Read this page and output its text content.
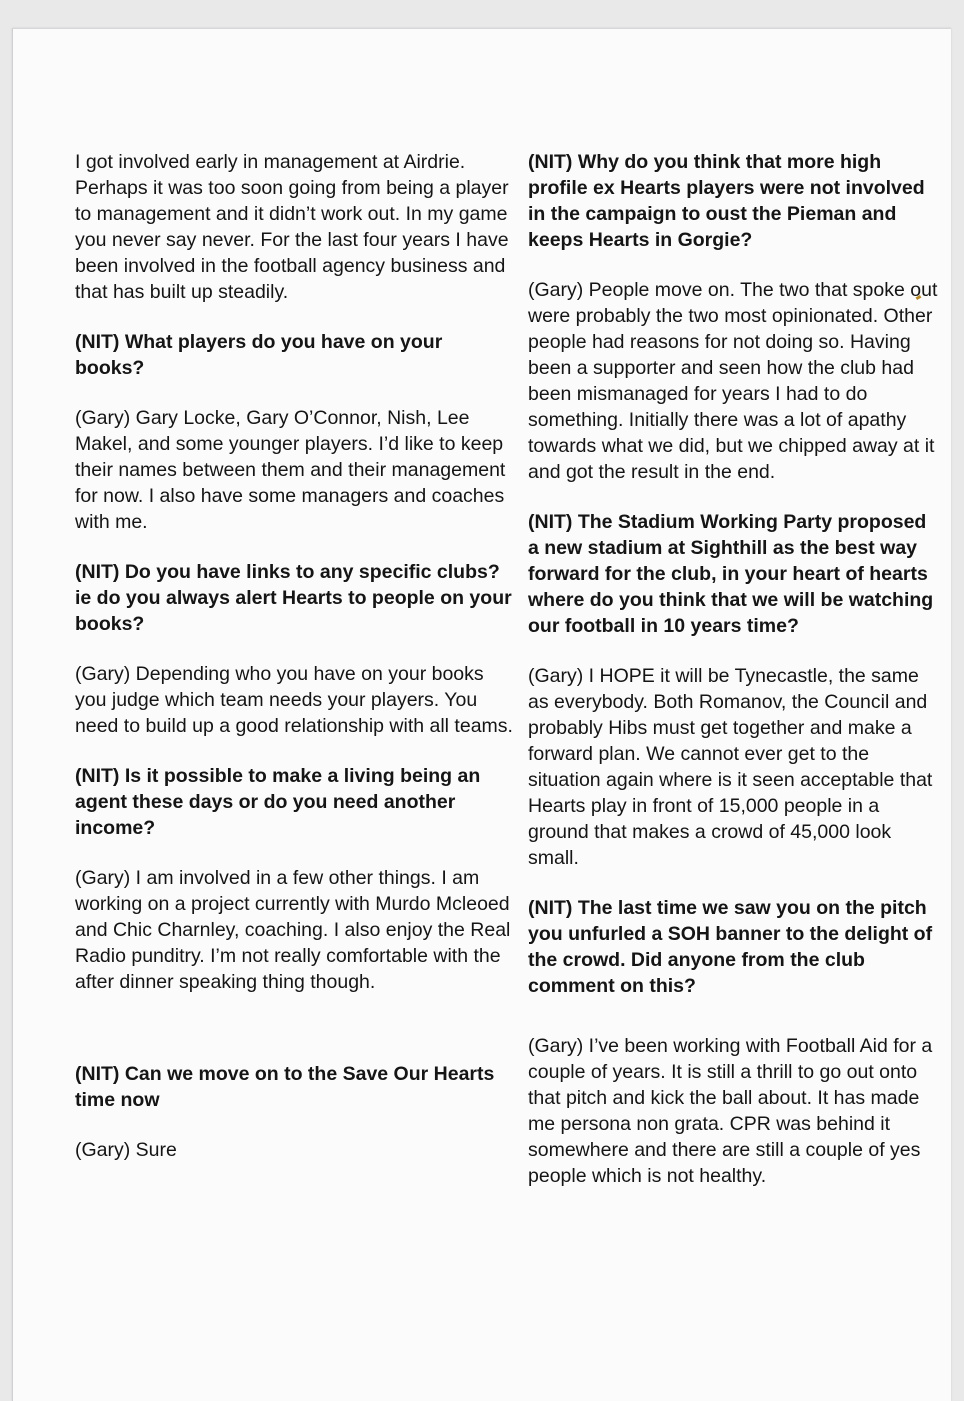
I got involved early in management at Airdrie. Perhaps it was too soon going from being a player to management and it didn’t work out. In my game you never say never. For the last four years I have been involved in the football agency business and that has built up steadily.

(NIT) What players do you have on your books?

(Gary) Gary Locke, Gary O’Connor, Nish, Lee Makel, and some younger players. I’d like to keep their names between them and their management for now. I also have some managers and coaches with me.

(NIT) Do you have links to any specific clubs? ie do you always alert Hearts to people on your books?

(Gary) Depending who you have on your books you judge which team needs your players. You need to build up a good relationship with all teams.

(NIT) Is it possible to make a living being an agent these days or do you need another income?

(Gary) I am involved in a few other things. I am working on a project currently with Murdo Mcleoed and Chic Charnley, coaching. I also enjoy the Real Radio punditry. I’m not really comfortable with the after dinner speaking thing though.

(NIT) Can we move on to the Save Our Hearts time now

(Gary) Sure

(NIT) Why do you think that more high profile ex Hearts players were not involved in the campaign to oust the Pieman and keeps Hearts in Gorgie?

(Gary) People move on. The two that spoke out were probably the two most opinionated. Other people had reasons for not doing so. Having been a supporter and seen how the club had been mismanaged for years I had to do something. Initially there was a lot of apathy towards what we did, but we chipped away at it and got the result in the end.

(NIT) The Stadium Working Party proposed a new stadium at Sighthill as the best way forward for the club, in your heart of hearts where do you think that we will be watching our football in 10 years time?

(Gary) I HOPE it will be Tynecastle, the same as everybody. Both Romanov, the Council and probably Hibs must get together and make a forward plan. We cannot ever get to the situation again where is it seen acceptable that Hearts play in front of 15,000 people in a ground that makes a crowd of 45,000 look small.

(NIT) The last time we saw you on the pitch you unfurled a SOH banner to the delight of the crowd. Did anyone from the club comment on this?

(Gary) I’ve been working with Football Aid for a couple of years. It is still a thrill to go out onto that pitch and kick the ball about. It has made me persona non grata. CPR was behind it somewhere and there are still a couple of yes people which is not healthy.
